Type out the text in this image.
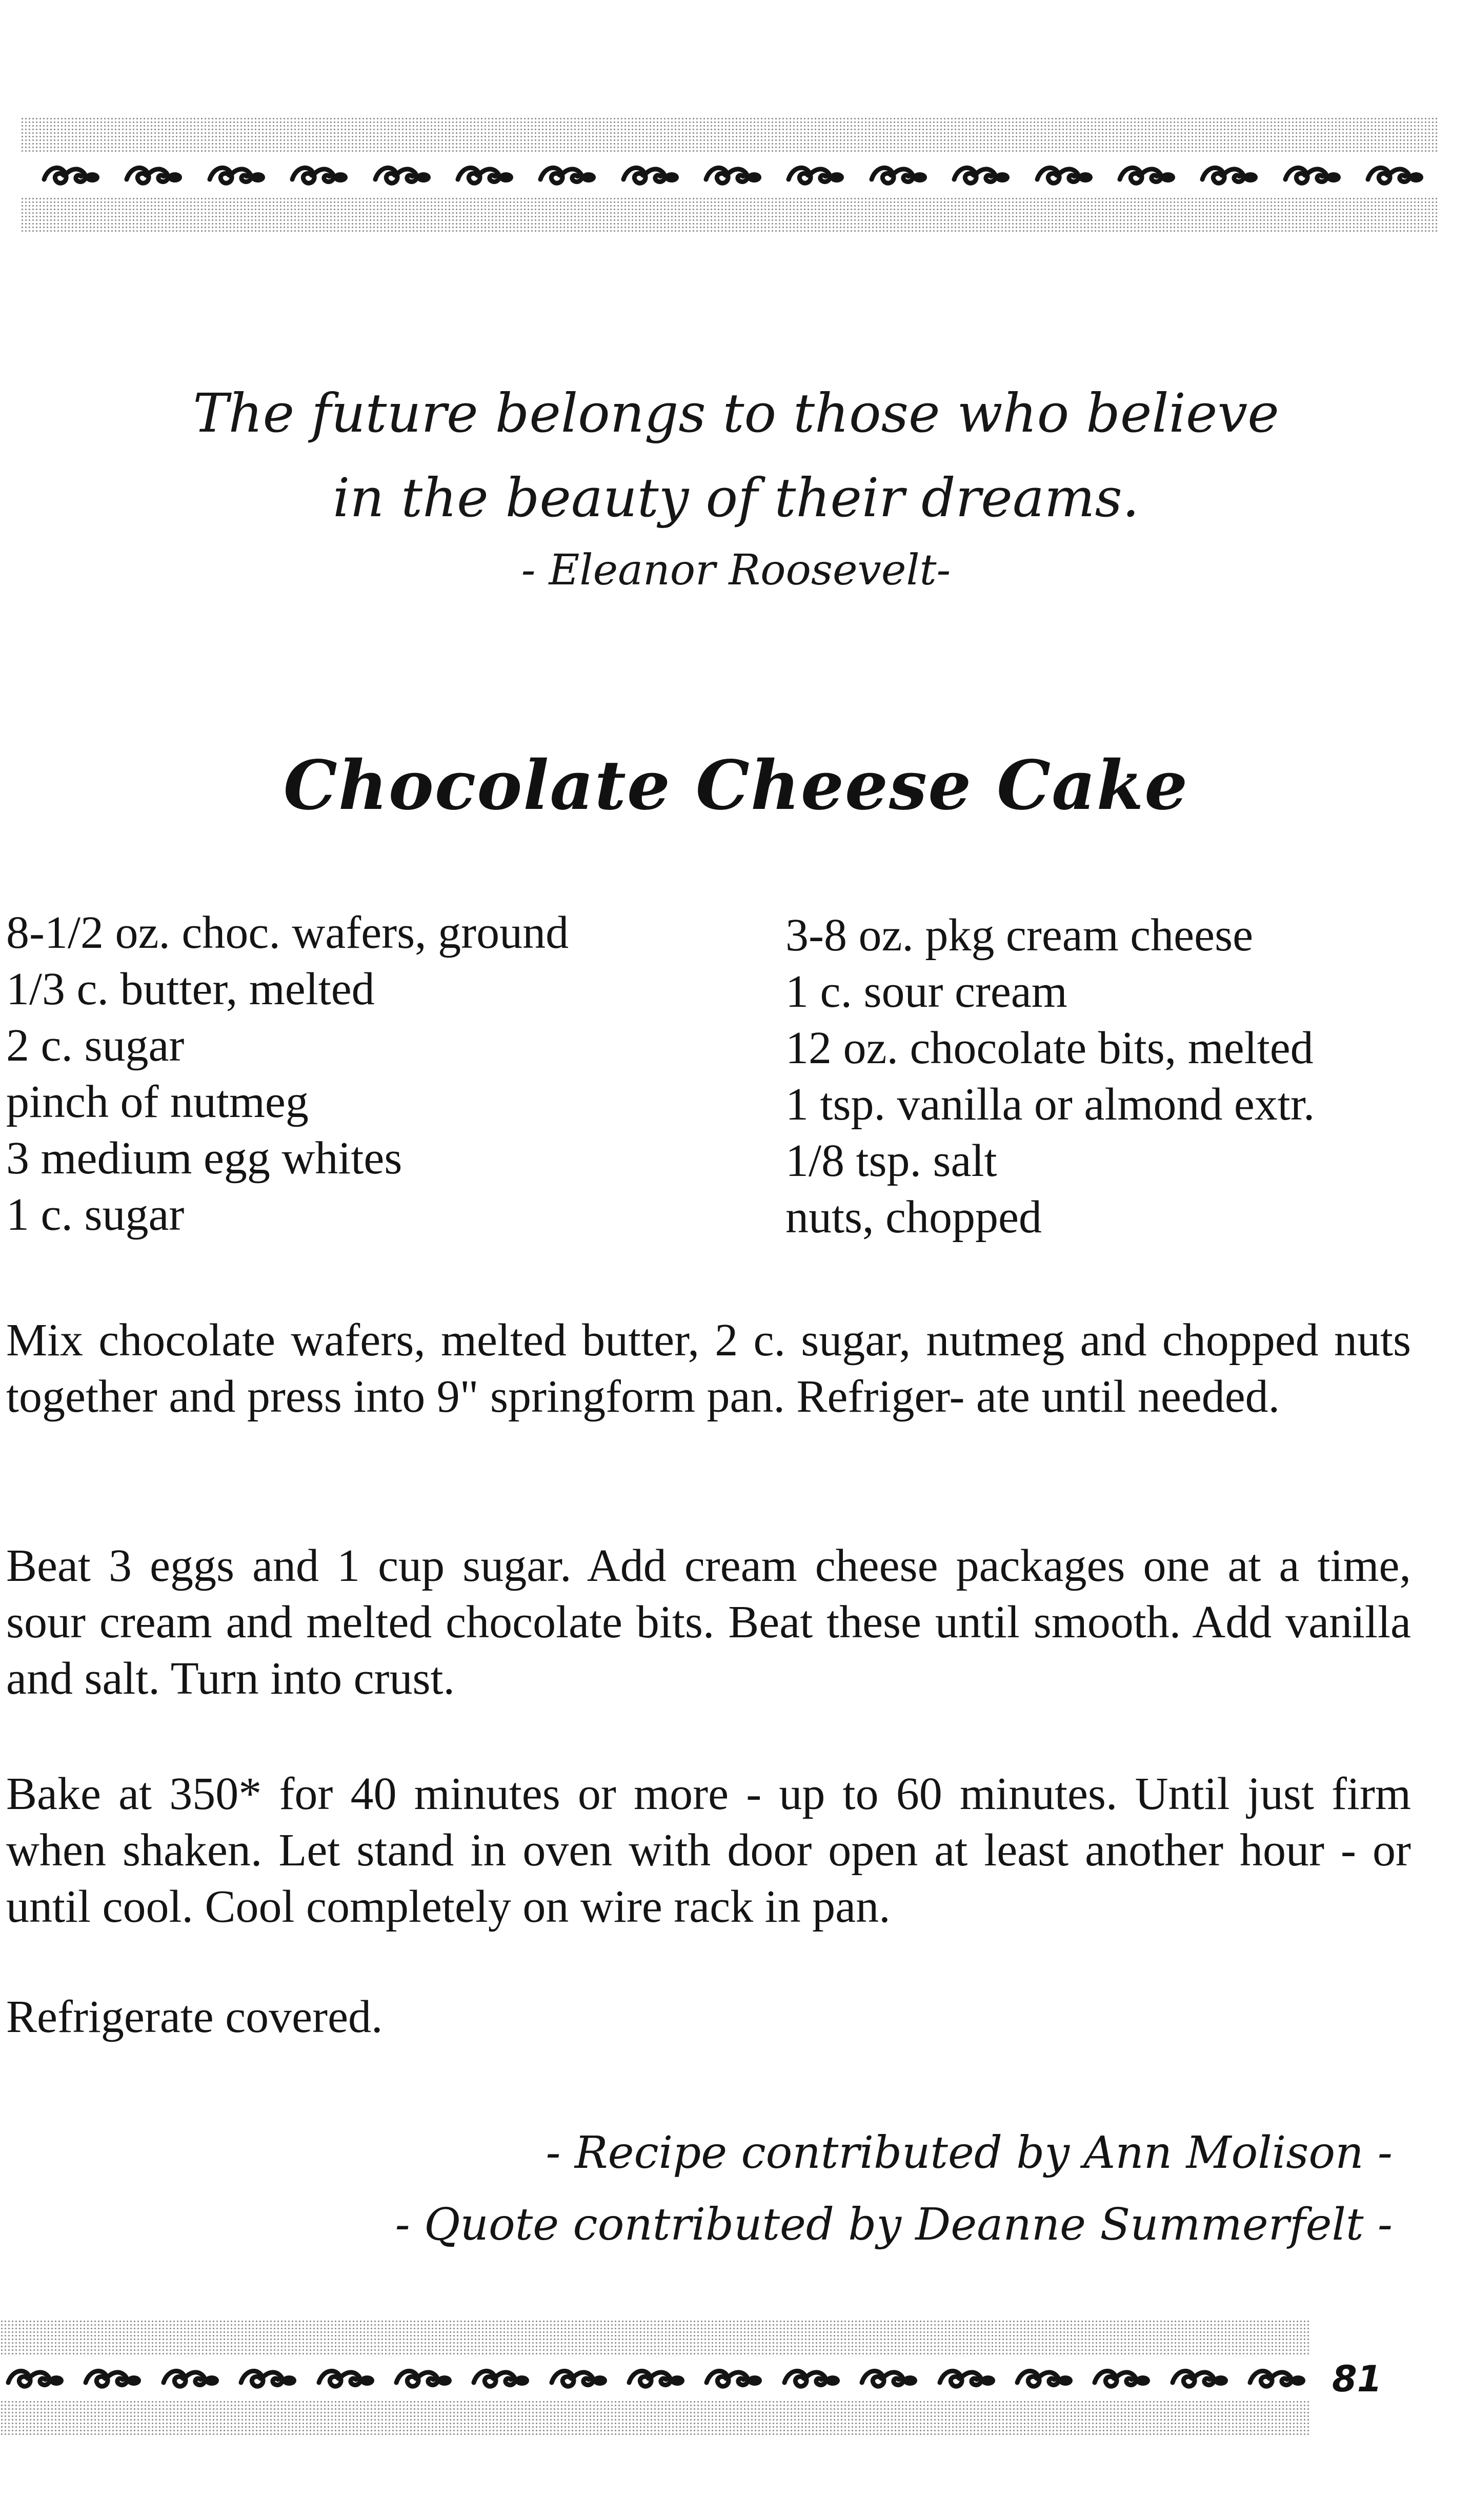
The future belongs to those who believe
in the beauty of their dreams.
- Eleanor Roosevelt-
Chocolate Cheese Cake
8-1/2 oz. choc. wafers, ground
1/3 c. butter, melted
2 c. sugar
pinch of nutmeg
3 medium egg whites
1 c. sugar
3-8 oz. pkg cream cheese
1 c. sour cream
12 oz. chocolate bits, melted
1 tsp. vanilla or almond extr.
1/8 tsp. salt
nuts, chopped

Mix chocolate wafers, melted butter, 2 c. sugar, nutmeg and chopped nuts together and press into 9" springform pan. Refriger- ate until needed.

Beat 3 eggs and 1 cup sugar. Add cream cheese packages one at a time, sour cream and melted chocolate bits. Beat these until smooth. Add vanilla and salt. Turn into crust.

Bake at 350* for 40 minutes or more - up to 60 minutes. Until just firm when shaken. Let stand in oven with door open at least another hour - or until cool. Cool completely on wire rack in pan.

Refrigerate covered.

- Recipe contributed by Ann Molison -
- Quote contributed by Deanne Summerfelt -
81
